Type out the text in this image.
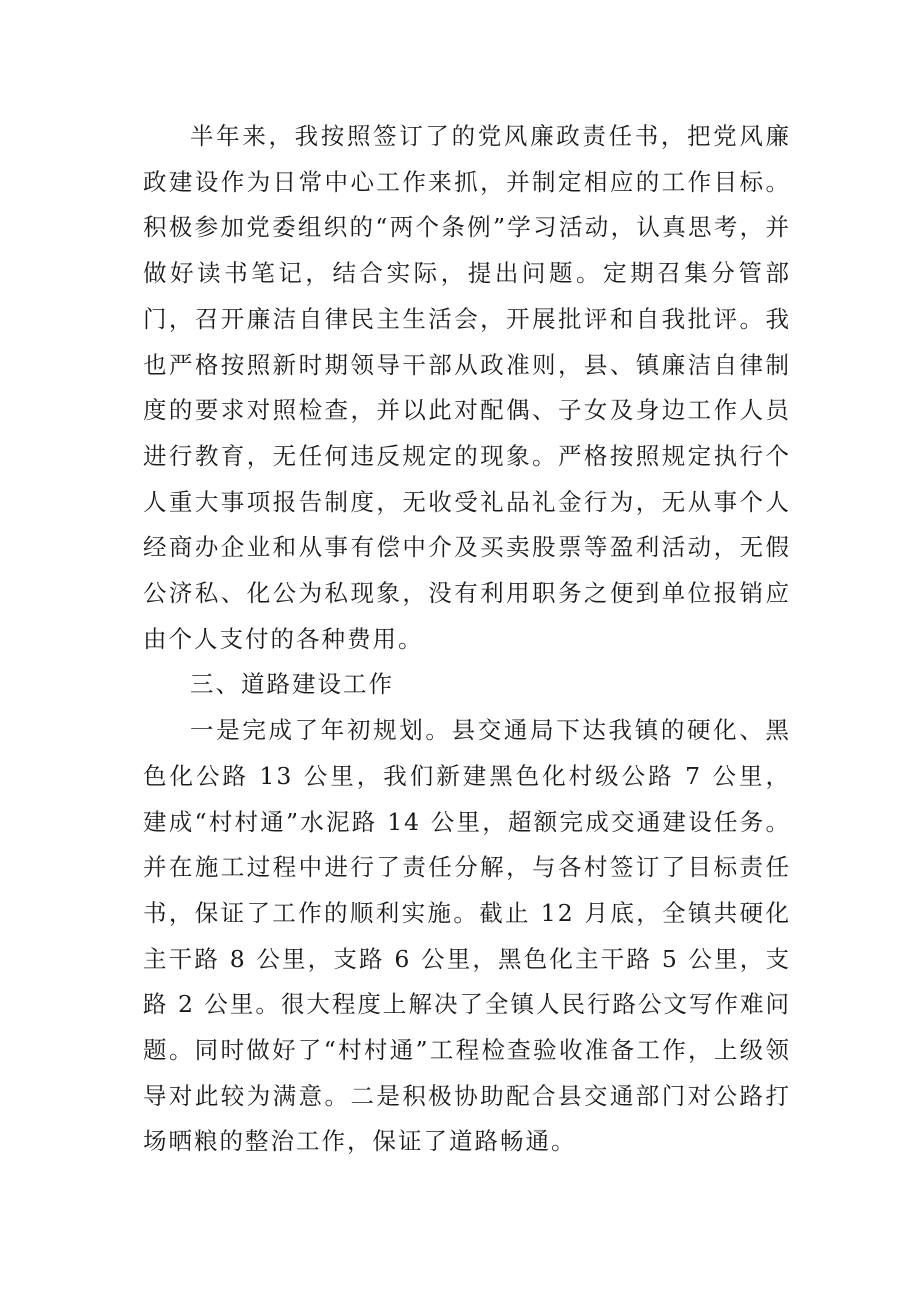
半年来，我按照签订了的党风廉政责任书，把党风廉政建设作为日常中心工作来抓，并制定相应的工作目标。积极参加党委组织的“两个条例”学习活动，认真思考，并做好读书笔记，结合实际，提出问题。定期召集分管部门，召开廉洁自律民主生活会，开展批评和自我批评。我也严格按照新时期领导干部从政准则，县、镇廉洁自律制度的要求对照检查，并以此对配偶、子女及身边工作人员进行教育，无任何违反规定的现象。严格按照规定执行个人重大事项报告制度，无收受礼品礼金行为，无从事个人经商办企业和从事有偿中介及买卖股票等盈利活动，无假公济私、化公为私现象，没有利用职务之便到单位报销应由个人支付的各种费用。

三、道路建设工作

一是完成了年初规划。县交通局下达我镇的硬化、黑色化公路 13 公里，我们新建黑色化村级公路 7 公里，建成“村村通”水泥路 14 公里，超额完成交通建设任务。并在施工过程中进行了责任分解，与各村签订了目标责任书，保证了工作的顺利实施。截止 12 月底，全镇共硬化主干路 8 公里，支路 6 公里，黑色化主干路 5 公里，支路 2 公里。很大程度上解决了全镇人民行路公文写作难问题。同时做好了“村村通”工程检查验收准备工作，上级领导对此较为满意。二是积极协助配合县交通部门对公路打场晒粮的整治工作，保证了道路畅通。
